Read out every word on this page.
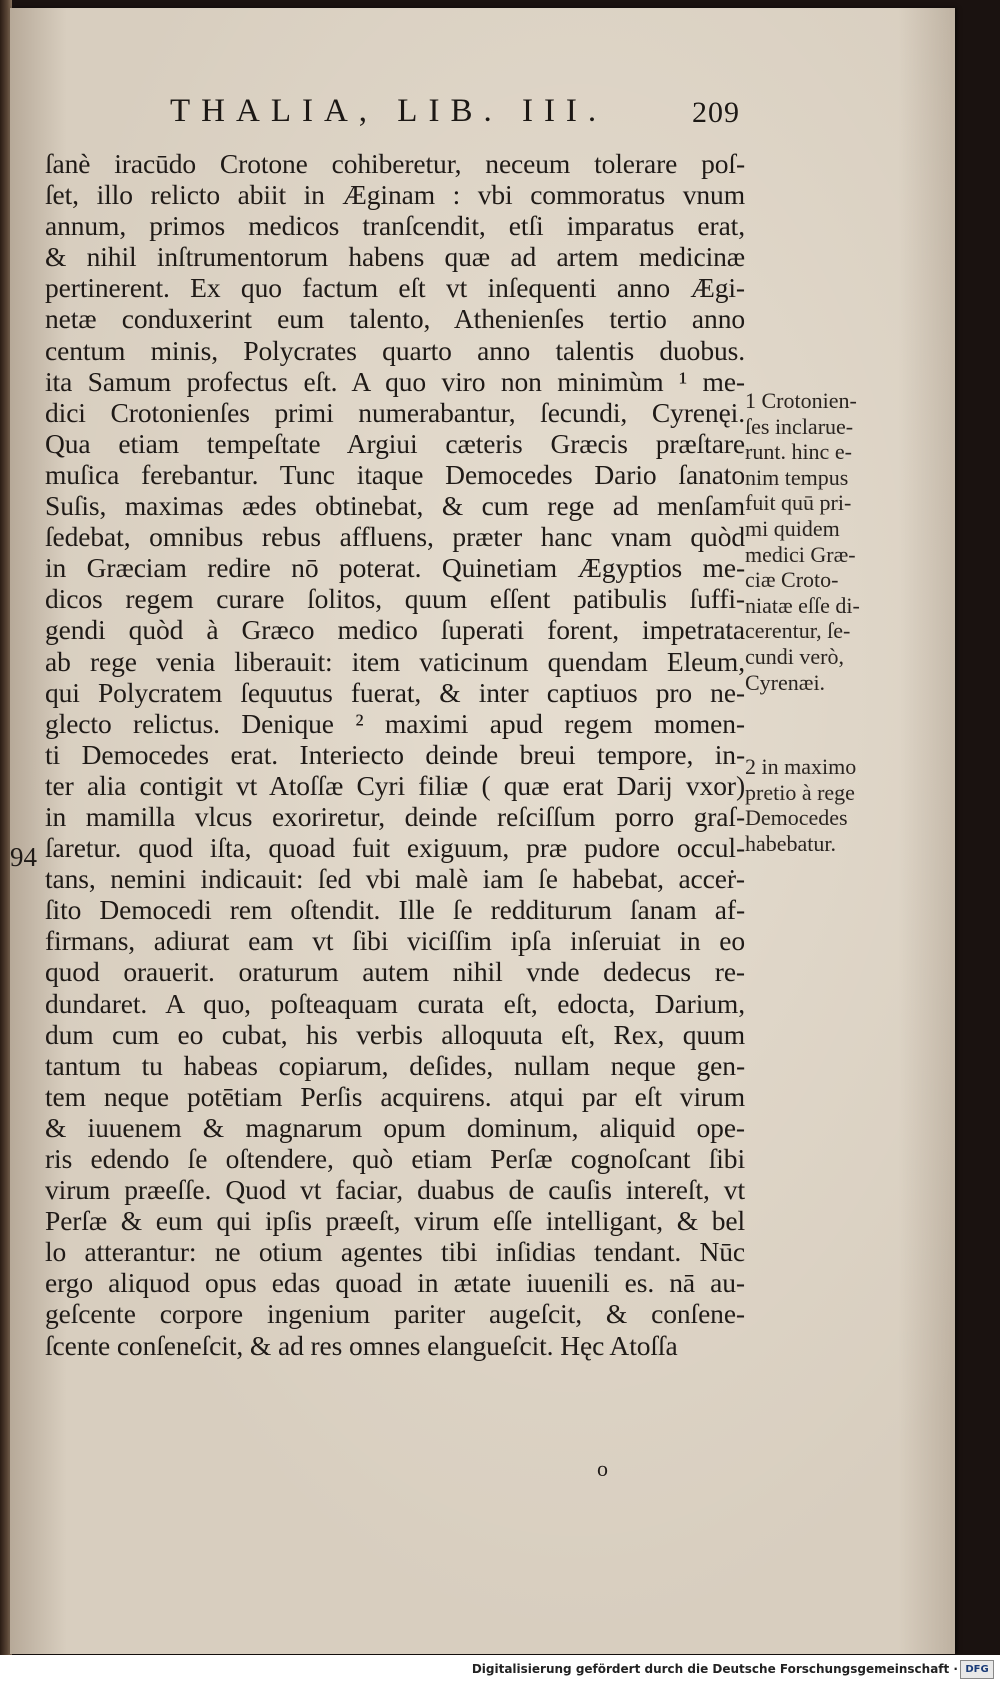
THALIA, LIB. III.	209
ſanè iracūdo Crotone cohiberetur, neceum tolerare poſ-
ſet, illo relicto abiit in Æginam : vbi commoratus vnum
annum, primos medicos tranſcendit, etſi imparatus erat,
& nihil inſtrumentorum habens quæ ad artem medicinæ
pertinerent. Ex quo factum eſt vt inſequenti anno Ægi-
netæ conduxerint eum talento, Athenienſes tertio anno
centum minis, Polycrates quarto anno talentis duobus.
ita Samum profectus eſt. A quo viro non minimùm ¹ me-
dici Crotonienſes primi numerabantur, ſecundi, Cyrenęi.
Qua etiam tempeſtate Argiui cæteris Græcis præſtare
muſica ferebantur. Tunc itaque Democedes Dario ſanato
Suſis, maximas ædes obtinebat, & cum rege ad menſam
ſedebat, omnibus rebus affluens, præter hanc vnam quòd
in Græciam redire nō poterat. Quinetiam Ægyptios me-
dicos regem curare ſolitos, quum eſſent patibulis ſuffi-
gendi quòd à Græco medico ſuperati forent, impetrata
ab rege venia liberauit: item vaticinum quendam Eleum,
qui Polycratem ſequutus fuerat, & inter captiuos pro ne-
glecto relictus. Denique ² maximi apud regem momen-
ti Democedes erat. Interiecto deinde breui tempore, in-
ter alia contigit vt Atoſſæ Cyri filiæ ( quæ erat Darij vxor)
in mamilla vlcus exoriretur, deinde reſciſſum porro graſ-
ſaretur. quod iſta, quoad fuit exiguum, præ pudore occul-
tans, nemini indicauit: ſed vbi malè iam ſe habebat, acceṙ-
ſito Democedi rem oſtendit. Ille ſe redditurum ſanam af-
firmans, adiurat eam vt ſibi viciſſim ipſa inſeruiat in eo
quod orauerit. oraturum autem nihil vnde dedecus re-
dundaret. A quo, poſteaquam curata eſt, edocta, Darium,
dum cum eo cubat, his verbis alloquuta eſt, Rex, quum
tantum tu habeas copiarum, deſides, nullam neque gen-
tem neque potētiam Perſis acquirens. atqui par eſt virum
& iuuenem & magnarum opum dominum, aliquid ope-
ris edendo ſe oſtendere, quò etiam Perſæ cognoſcant ſibi
virum præeſſe. Quod vt faciar, duabus de cauſis intereſt, vt
Perſæ & eum qui ipſis præeſt, virum eſſe intelligant, & bel
lo atterantur: ne otium agentes tibi inſidias tendant. Nūc
ergo aliquod opus edas quoad in ætate iuuenili es. nā au-
geſcente corpore ingenium pariter augeſcit, & conſene-
ſcente conſeneſcit, & ad res omnes elangueſcit. Hęc Atoſſa
94
1 Crotonien-
ſes inclarue-
runt. hinc e-
nim tempus
fuit quū pri-
mi quidem
medici Græ-
ciæ Croto-
niatæ eſſe di-
cerentur, ſe-
cundi verò,
Cyrenæi.
2 in maximo
pretio à rege
Democedes
habebatur.
o
Digitalisierung gefördert durch die Deutsche Forschungsgemeinschaft · DFG
